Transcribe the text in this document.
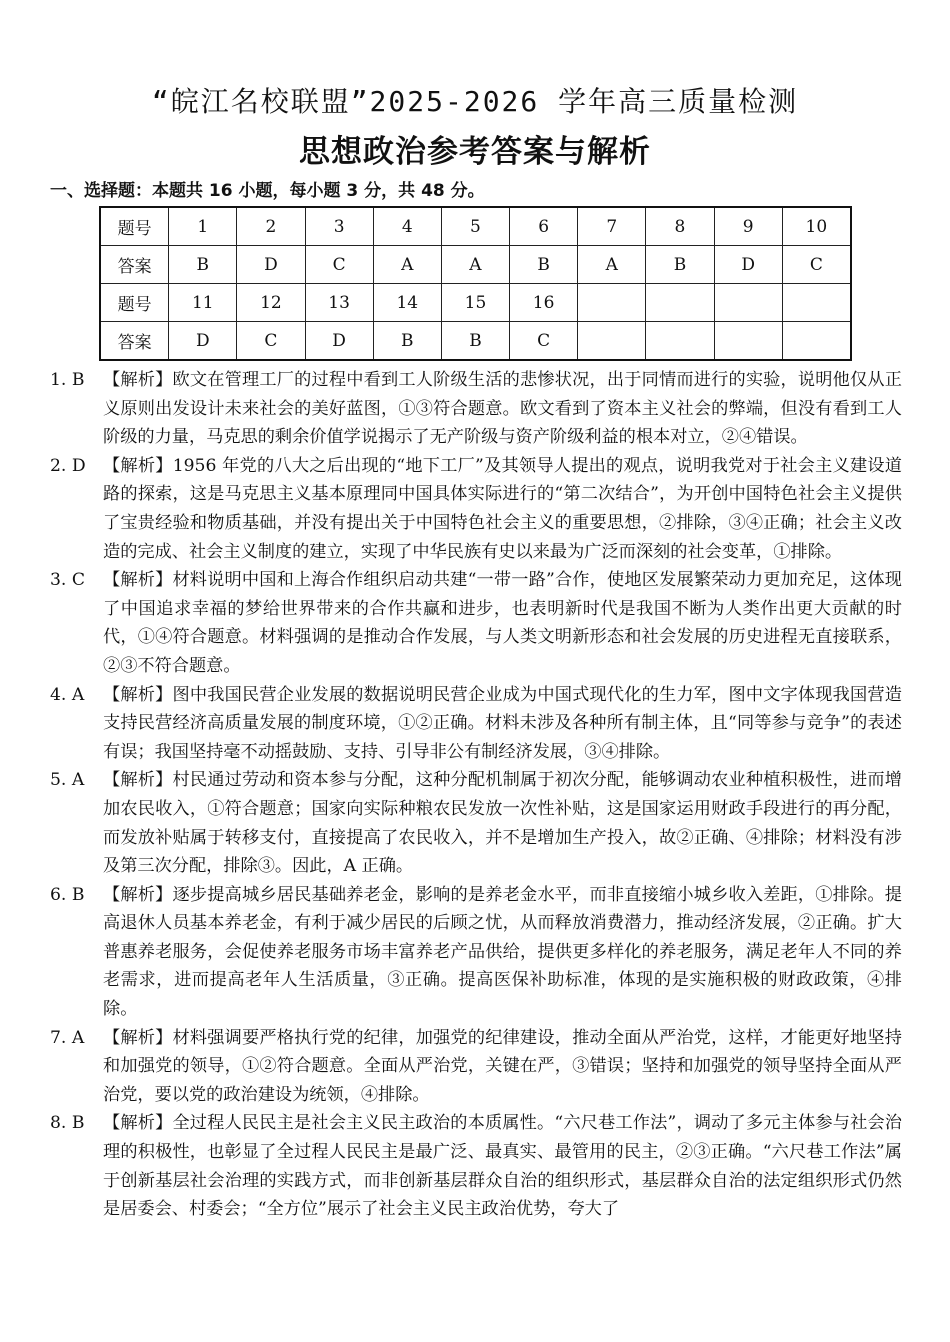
“皖江名校联盟”2025-2026 学年高三质量检测
思想政治参考答案与解析
一、选择题：本题共 16 小题，每小题 3 分，共 48 分。
题号	1	2	3	4	5	6	7	8	9	10
答案	B	D	C	A	A	B	A	B	D	C
题号	11	12	13	14	15	16				
答案	D	C	D	B	B	C				

1. B 【解析】欧文在管理工厂的过程中看到工人阶级生活的悲惨状况，出于同情而进行的实验，说明他仅从正义原则出发设计未来社会的美好蓝图，①③符合题意。欧文看到了资本主义社会的弊端，但没有看到工人阶级的力量，马克思的剩余价值学说揭示了无产阶级与资产阶级利益的根本对立，②④错误。

2. D 【解析】1956 年党的八大之后出现的“地下工厂”及其领导人提出的观点，说明我党对于社会主义建设道路的探索，这是马克思主义基本原理同中国具体实际进行的“第二次结合”，为开创中国特色社会主义提供了宝贵经验和物质基础，并没有提出关于中国特色社会主义的重要思想，②排除，③④正确；社会主义改造的完成、社会主义制度的建立，实现了中华民族有史以来最为广泛而深刻的社会变革，①排除。

3. C 【解析】材料说明中国和上海合作组织启动共建“一带一路”合作，使地区发展繁荣动力更加充足，这体现了中国追求幸福的梦给世界带来的合作共赢和进步，也表明新时代是我国不断为人类作出更大贡献的时代，①④符合题意。材料强调的是推动合作发展，与人类文明新形态和社会发展的历史进程无直接联系，②③不符合题意。

4. A 【解析】图中我国民营企业发展的数据说明民营企业成为中国式现代化的生力军，图中文字体现我国营造支持民营经济高质量发展的制度环境，①②正确。材料未涉及各种所有制主体，且“同等参与竞争”的表述有误；我国坚持毫不动摇鼓励、支持、引导非公有制经济发展，③④排除。

5. A 【解析】村民通过劳动和资本参与分配，这种分配机制属于初次分配，能够调动农业种植积极性，进而增加农民收入，①符合题意；国家向实际种粮农民发放一次性补贴，这是国家运用财政手段进行的再分配，而发放补贴属于转移支付，直接提高了农民收入，并不是增加生产投入，故②正确、④排除；材料没有涉及第三次分配，排除③。因此，A 正确。

6. B 【解析】逐步提高城乡居民基础养老金，影响的是养老金水平，而非直接缩小城乡收入差距，①排除。提高退休人员基本养老金，有利于减少居民的后顾之忧，从而释放消费潜力，推动经济发展，②正确。扩大普惠养老服务，会促使养老服务市场丰富养老产品供给，提供更多样化的养老服务，满足老年人不同的养老需求，进而提高老年人生活质量，③正确。提高医保补助标准，体现的是实施积极的财政政策，④排除。

7. A 【解析】材料强调要严格执行党的纪律，加强党的纪律建设，推动全面从严治党，这样，才能更好地坚持和加强党的领导，①②符合题意。全面从严治党，关键在严，③错误；坚持和加强党的领导坚持全面从严治党，要以党的政治建设为统领，④排除。

8. B 【解析】全过程人民民主是社会主义民主政治的本质属性。“六尺巷工作法”，调动了多元主体参与社会治理的积极性，也彰显了全过程人民民主是最广泛、最真实、最管用的民主，②③正确。“六尺巷工作法”属于创新基层社会治理的实践方式，而非创新基层群众自治的组织形式，基层群众自治的法定组织形式仍然是居委会、村委会；“全方位”展示了社会主义民主政治优势，夸大了
